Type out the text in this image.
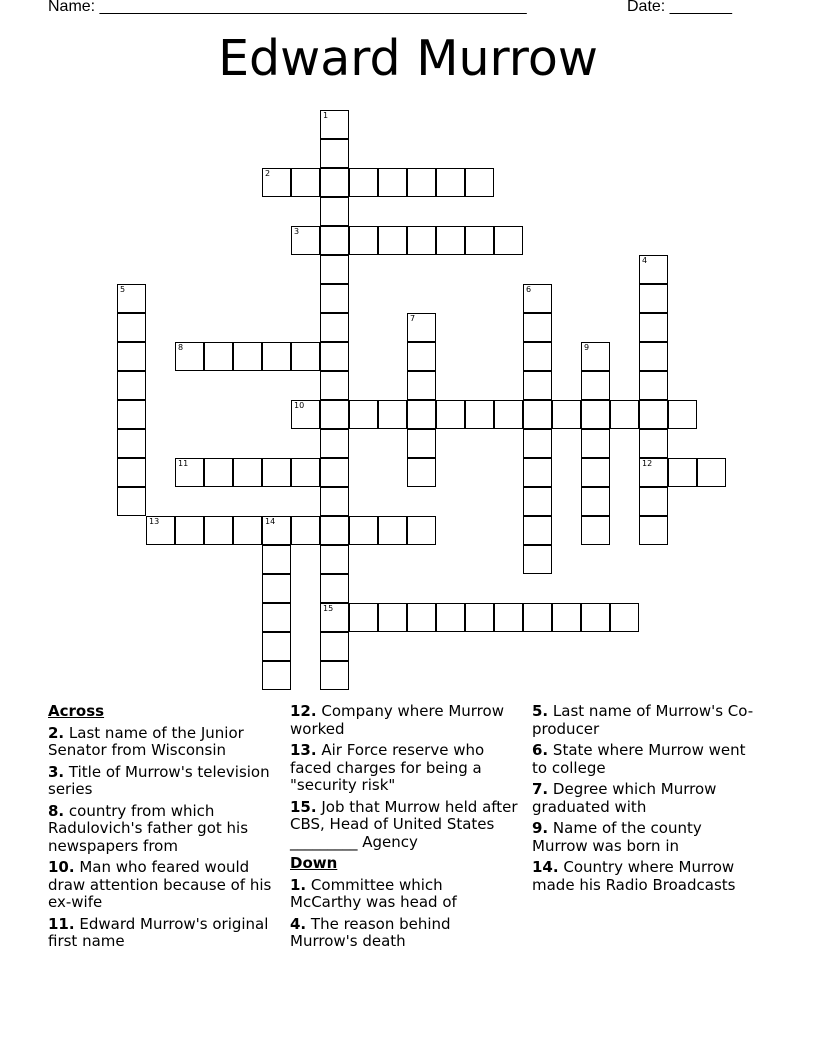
Name: ________________________________________________	Date: _______
Edward Murrow
1
15
2
3
4
12
5	6
7
8	9
10
11
13	14
Across
2. Last name of the Junior Senator from Wisconsin
3. Title of Murrow's television series
8. country from which Radulovich's father got his newspapers from
10. Man who feared would draw attention because of his ex-wife
11. Edward Murrow's original first name
12. Company where Murrow worked
13. Air Force reserve who faced charges for being a "security risk"
15. Job that Murrow held after CBS, Head of United States _________ Agency
Down
1. Committee which McCarthy was head of
4. The reason behind Murrow's death
5. Last name of Murrow's Co-producer
6. State where Murrow went to college
7. Degree which Murrow graduated with
9. Name of the county Murrow was born in
14. Country where Murrow made his Radio Broadcasts
